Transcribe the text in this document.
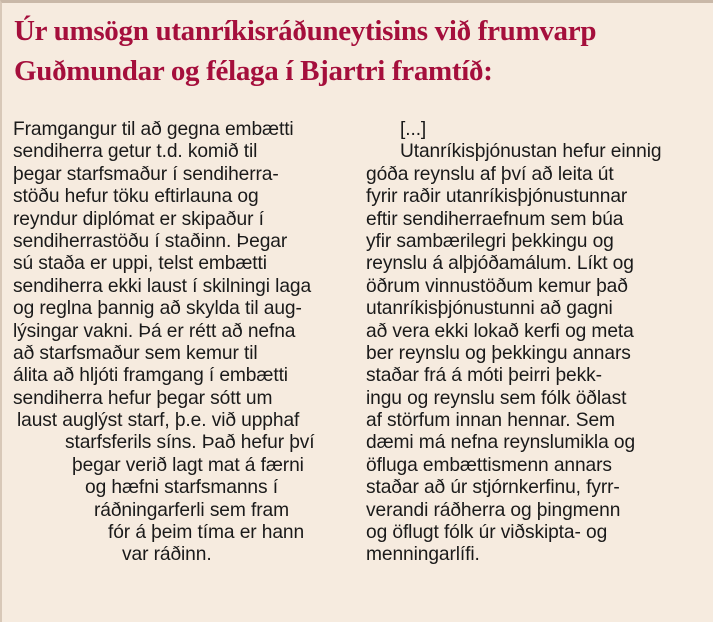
Úr umsögn utanríkisráðuneytisins við frumvarp
Guðmundar og félaga í Bjartri framtíð:
Framgangur til að gegna embætti
sendiherra getur t.d. komið til
þegar starfsmaður í sendiherra-
stöðu hefur töku eftirlauna og
reyndur diplómat er skipaður í
sendiherrastöðu í staðinn. Þegar
sú staða er uppi, telst embætti
sendiherra ekki laust í skilningi laga
og reglna þannig að skylda til aug-
lýsingar vakni. Þá er rétt að nefna
að starfsmaður sem kemur til
álita að hljóti framgang í embætti
sendiherra hefur þegar sótt um
laust auglýst starf, þ.e. við upphaf
starfsferils síns. Það hefur því
þegar verið lagt mat á færni
og hæfni starfsmanns í
ráðningarferli sem fram
fór á þeim tíma er hann
var ráðinn.
[...]
Utanríkisþjónustan hefur einnig
góða reynslu af því að leita út
fyrir raðir utanríkisþjónustunnar
eftir sendiherraefnum sem búa
yfir sambærilegri þekkingu og
reynslu á alþjóðamálum. Líkt og
öðrum vinnustöðum kemur það
utanríkisþjónustunni að gagni
að vera ekki lokað kerfi og meta
ber reynslu og þekkingu annars
staðar frá á móti þeirri þekk-
ingu og reynslu sem fólk öðlast
af störfum innan hennar. Sem
dæmi má nefna reynslumikla og
öfluga embættismenn annars
staðar að úr stjórnkerfinu, fyrr-
verandi ráðherra og þingmenn
og öflugt fólk úr viðskipta- og
menningarlífi.
